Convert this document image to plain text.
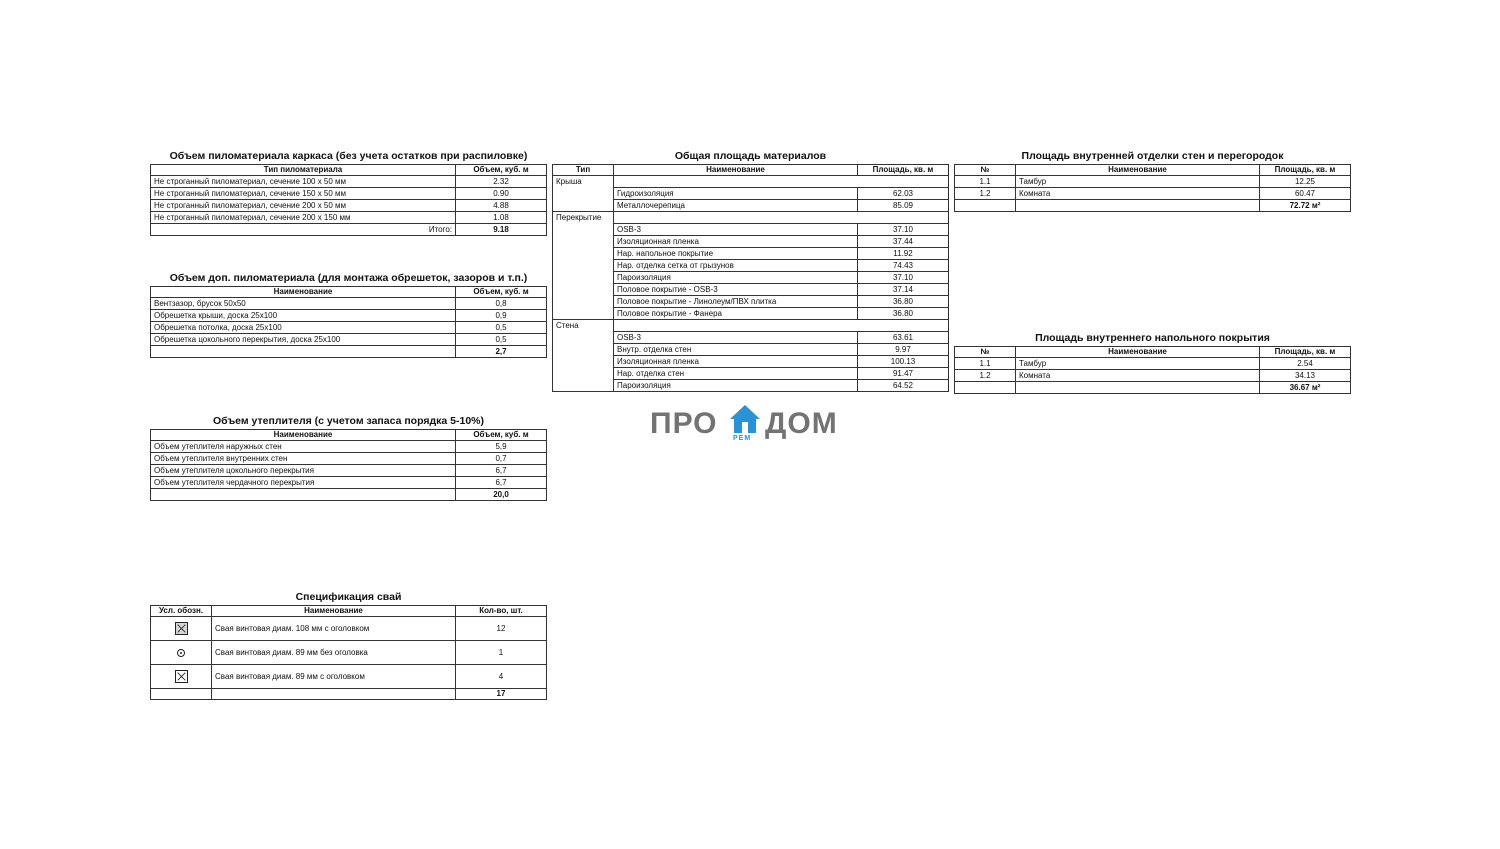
Объем пиломатериала каркаса (без учета остатков при распиловке)
Тип пиломатериала	Объем, куб. м
Не строганный пиломатериал, сечение 100 х 50 мм	2.32
Не строганный пиломатериал, сечение 150 х 50 мм	0.90
Не строганный пиломатериал, сечение 200 х 50 мм	4.88
Не строганный пиломатериал, сечение 200 х 150 мм	1.08
Итого:	9.18
Объем доп. пиломатериала (для монтажа обрешеток, зазоров и т.п.)
Наименование	Объем, куб. м
Вентзазор, брусок 50х50	0,8
Обрешетка крыши, доска 25х100	0,9
Обрешетка потолка, доска 25х100	0,5
Обрешетка цокольного перекрытия, доска 25х100	0,5
	2,7
Объем утеплителя (с учетом запаса порядка 5-10%)
Наименование	Объем, куб. м
Объем утеплителя наружных стен	5,9
Объем утеплителя внутренних стен	0,7
Объем утеплителя цокольного перекрытия	6,7
Объем утеплителя чердачного перекрытия	6,7
	20,0
Спецификация свай
Усл. обозн.	Наименование	Кол-во, шт.

	Свая винтовая диам. 108 мм с оголовком	12
	Свая винтовая диам. 89 мм без оголовка	1

	Свая винтовая диам. 89 мм с оголовком	4
		17
Общая площадь материалов
Тип	Наименование	Площадь, кв. м
Крыша		
	Гидроизоляция	62.03
	Металлочерепица	85.09
Перекрытие		
	OSB-3	37.10
	Изоляционная пленка	37.44
	Нар. напольное покрытие	11.92
	Нар. отделка сетка от грызунов	74.43
	Пароизоляция	37.10
	Половое покрытие - OSB-3	37.14
	Половое покрытие - Линолеум/ПВХ плитка	36.80
	Половое покрытие - Фанера	36.80
Стена		
	OSB-3	63.61
	Внутр. отделка стен	9.97
	Изоляционная пленка	100.13
	Нар. отделка стен	91.47
	Пароизоляция	64.52
ПРО РЕМ ДОМ
Площадь внутренней отделки стен и перегородок
№	Наименование	Площадь, кв. м
1.1	Тамбур	12.25
1.2	Комната	60.47
		72.72 м²
Площадь внутреннего напольного покрытия
№	Наименование	Площадь, кв. м
1.1	Тамбур	2.54
1.2	Комната	34.13
		36.67 м²
